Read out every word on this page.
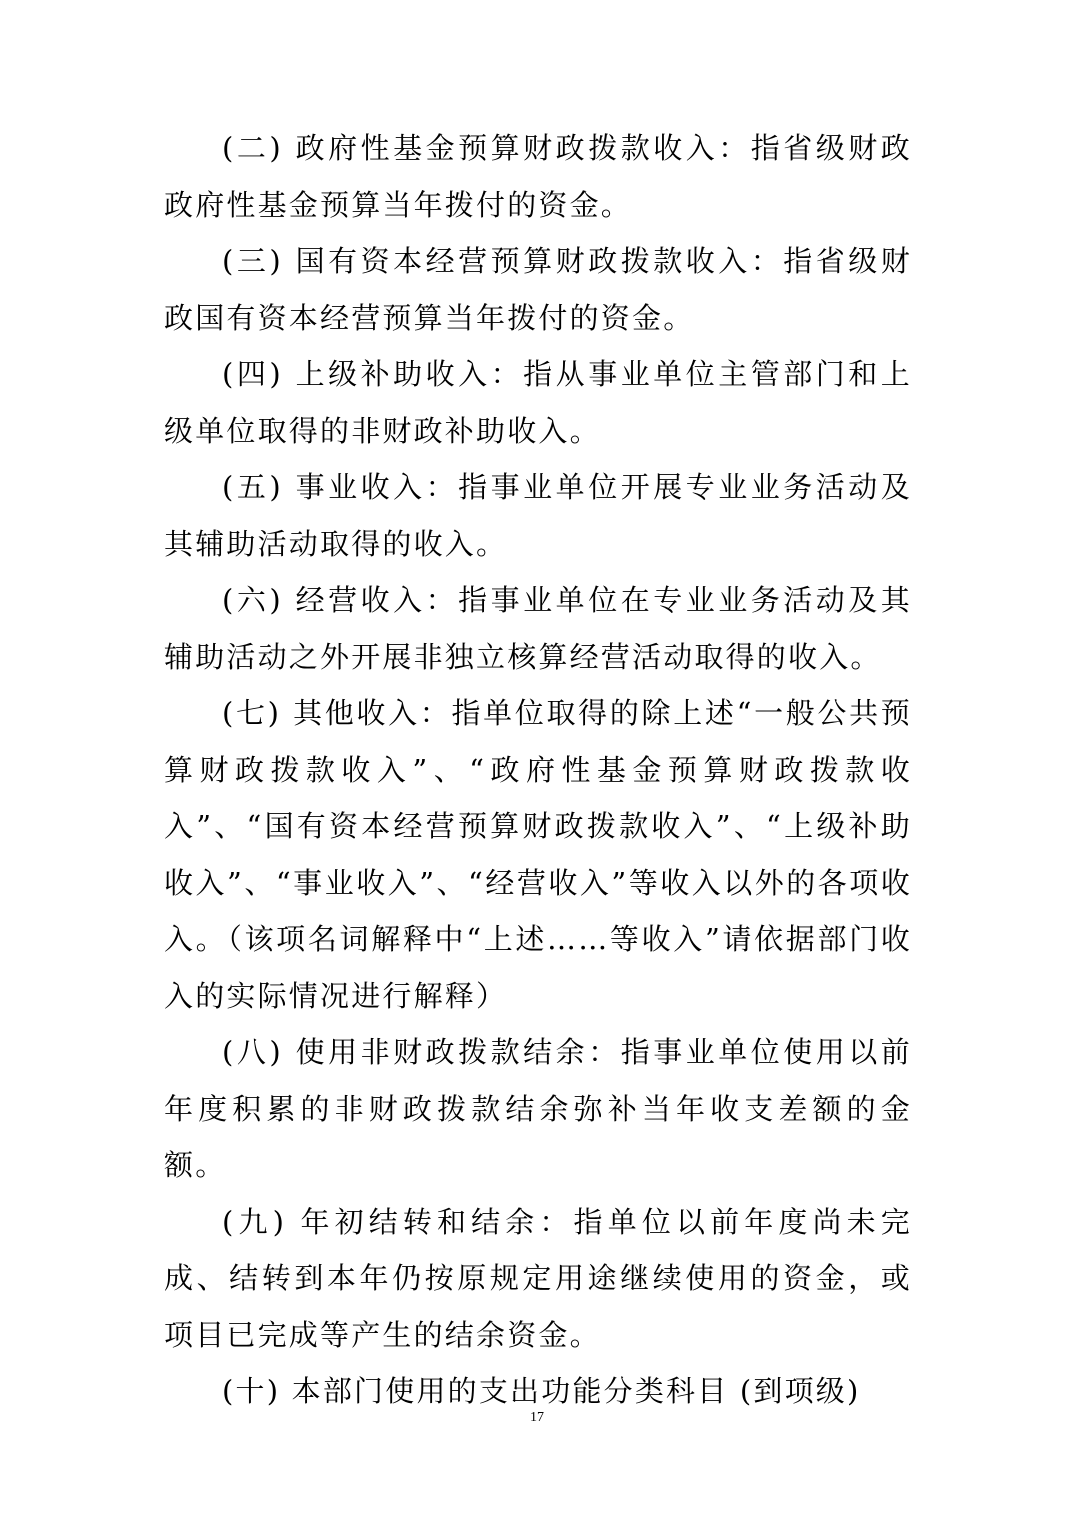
(二) 政府性基金预算财政拨款收入：指省级财政政府性基金预算当年拨付的资金。

(三) 国有资本经营预算财政拨款收入：指省级财政国有资本经营预算当年拨付的资金。

(四) 上级补助收入：指从事业单位主管部门和上级单位取得的非财政补助收入。

(五) 事业收入：指事业单位开展专业业务活动及其辅助活动取得的收入。

(六) 经营收入：指事业单位在专业业务活动及其辅助活动之外开展非独立核算经营活动取得的收入。

(七) 其他收入：指单位取得的除上述“一般公共预算财政拨款收入”、“政府性基金预算财政拨款收入”、“国有资本经营预算财政拨款收入”、“上级补助收入”、“事业收入”、“经营收入”等收入以外的各项收入。（该项名词解释中“上述……等收入”请依据部门收入的实际情况进行解释）

(八) 使用非财政拨款结余：指事业单位使用以前年度积累的非财政拨款结余弥补当年收支差额的金额。

(九) 年初结转和结余：指单位以前年度尚未完成、结转到本年仍按原规定用途继续使用的资金，或项目已完成等产生的结余资金。

(十) 本部门使用的支出功能分类科目 (到项级)

17
